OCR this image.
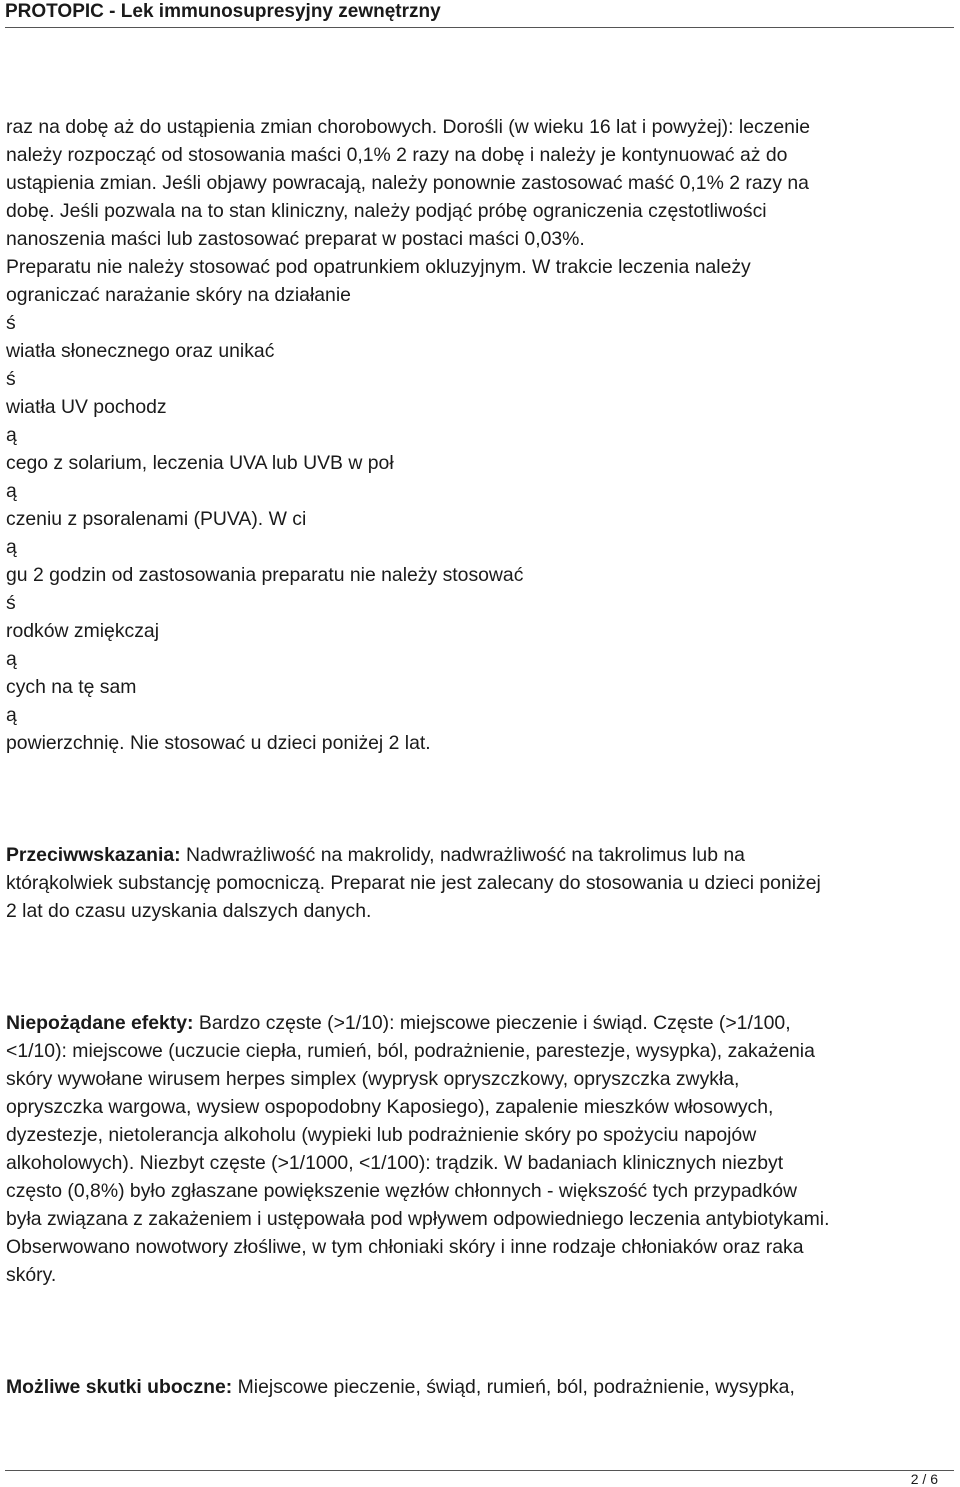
PROTOPIC - Lek immunosupresyjny zewnętrzny
raz na dobę aż do ustąpienia zmian chorobowych. Dorośli (w wieku 16 lat i powyżej): leczenie
należy rozpocząć od stosowania maści 0,1% 2 razy na dobę i należy je kontynuować aż do
ustąpienia zmian. Jeśli objawy powracają, należy ponownie zastosować maść 0,1% 2 razy na
dobę. Jeśli pozwala na to stan kliniczny, należy podjąć próbę ograniczenia częstotliwości
nanoszenia maści lub zastosować preparat w postaci maści 0,03%.
Preparatu nie należy stosować pod opatrunkiem okluzyjnym. W trakcie leczenia należy
ograniczać narażanie skóry na działanie
ś
wiatła słonecznego oraz unikać
ś
wiatła UV pochodz
ą
cego z solarium, leczenia UVA lub UVB w poł
ą
czeniu z psoralenami (PUVA). W ci
ą
gu 2 godzin od zastosowania preparatu nie należy stosować
ś
rodków zmiękczaj
ą
cych na tę sam
ą
powierzchnię. Nie stosować u dzieci poniżej 2 lat.
Przeciwwskazania: Nadwrażliwość na makrolidy, nadwrażliwość na takrolimus lub na
którąkolwiek substancję pomocniczą. Preparat nie jest zalecany do stosowania u dzieci poniżej
2 lat do czasu uzyskania dalszych danych.
Niepożądane efekty: Bardzo częste (>1/10): miejscowe pieczenie i świąd. Częste (>1/100,
<1/10): miejscowe (uczucie ciepła, rumień, ból, podrażnienie, parestezje, wysypka), zakażenia
skóry wywołane wirusem herpes simplex (wyprysk opryszczkowy, opryszczka zwykła,
opryszczka wargowa, wysiew ospopodobny Kaposiego), zapalenie mieszków włosowych,
dyzestezje, nietolerancja alkoholu (wypieki lub podrażnienie skóry po spożyciu napojów
alkoholowych). Niezbyt częste (>1/1000, <1/100): trądzik. W badaniach klinicznych niezbyt
często (0,8%) było zgłaszane powiększenie węzłów chłonnych - większość tych przypadków
była związana z zakażeniem i ustępowała pod wpływem odpowiedniego leczenia antybiotykami.
Obserwowano nowotwory złośliwe, w tym chłoniaki skóry i inne rodzaje chłoniaków oraz raka
skóry.
Możliwe skutki uboczne: Miejscowe pieczenie, świąd, rumień, ból, podrażnienie, wysypka,
2 / 6
